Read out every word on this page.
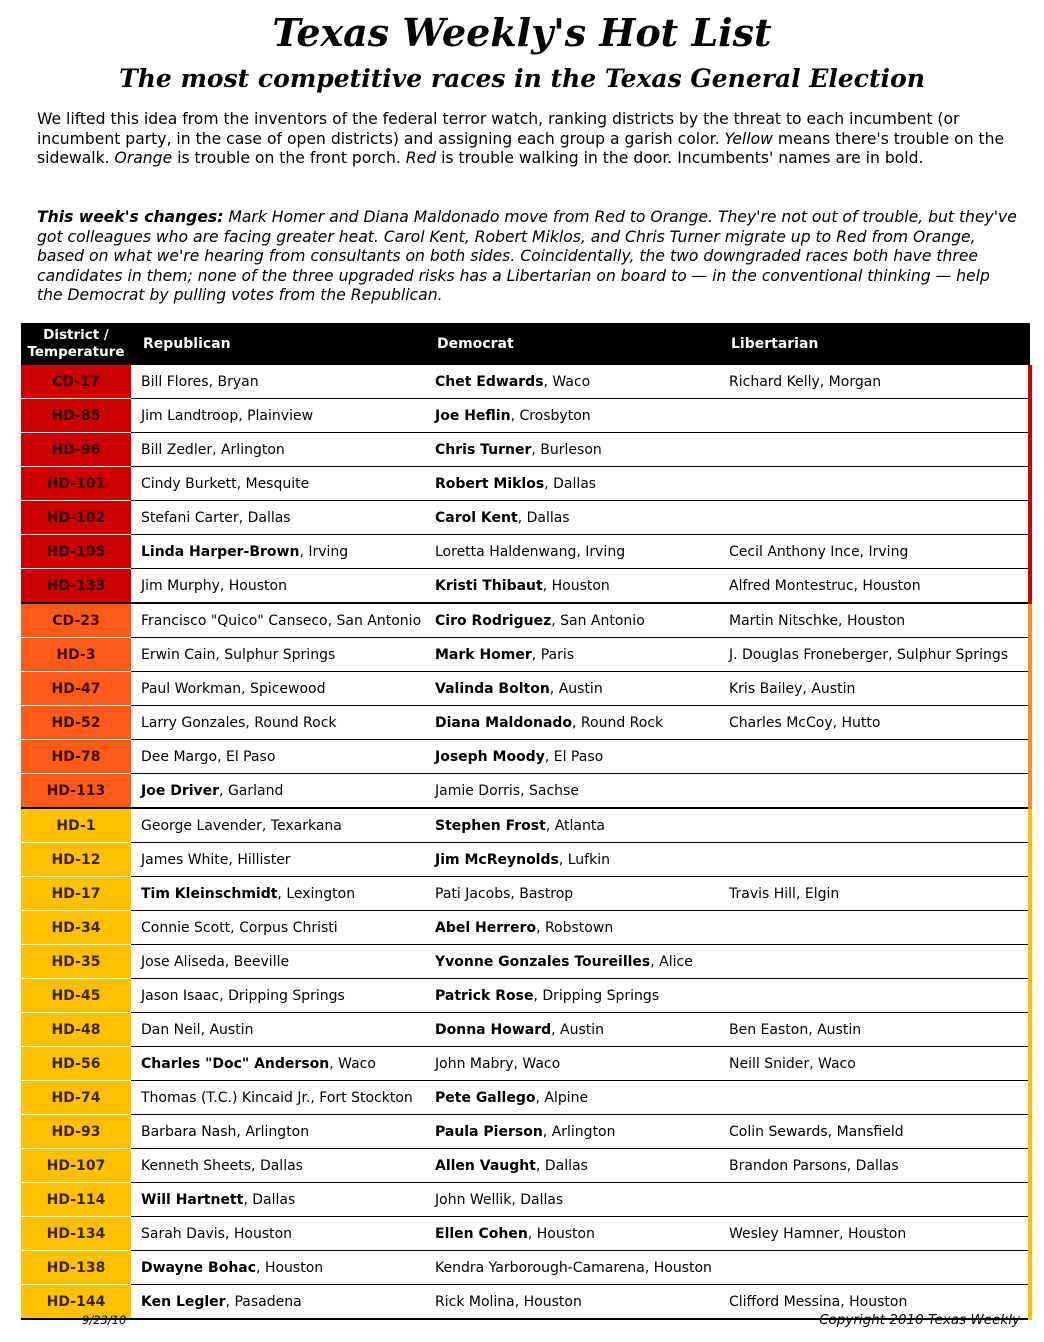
Texas Weekly's Hot List
The most competitive races in the Texas General Election
We lifted this idea from the inventors of the federal terror watch, ranking districts by the threat to each incumbent (or incumbent party, in the case of open districts) and assigning each group a garish color. Yellow means there's trouble on the sidewalk. Orange is trouble on the front porch. Red is trouble walking in the door. Incumbents' names are in bold.
This week's changes: Mark Homer and Diana Maldonado move from Red to Orange. They're not out of trouble, but they've got colleagues who are facing greater heat. Carol Kent, Robert Miklos, and Chris Turner migrate up to Red from Orange, based on what we're hearing from consultants on both sides. Coincidentally, the two downgraded races both have three candidates in them; none of the three upgraded risks has a Libertarian on board to — in the conventional thinking — help the Democrat by pulling votes from the Republican.
District /
Temperature	Republican	Democrat	Libertarian
CD-17	Bill Flores, Bryan	Chet Edwards, Waco	Richard Kelly, Morgan
HD-85	Jim Landtroop, Plainview	Joe Heflin, Crosbyton	
HD-96	Bill Zedler, Arlington	Chris Turner, Burleson	
HD-101	Cindy Burkett, Mesquite	Robert Miklos, Dallas	
HD-102	Stefani Carter, Dallas	Carol Kent, Dallas	
HD-105	Linda Harper-Brown, Irving	Loretta Haldenwang, Irving	Cecil Anthony Ince, Irving
HD-133	Jim Murphy, Houston	Kristi Thibaut, Houston	Alfred Montestruc, Houston
CD-23	Francisco "Quico" Canseco, San Antonio	Ciro Rodriguez, San Antonio	Martin Nitschke, Houston
HD-3	Erwin Cain, Sulphur Springs	Mark Homer, Paris	J. Douglas Froneberger, Sulphur Springs
HD-47	Paul Workman, Spicewood	Valinda Bolton, Austin	Kris Bailey, Austin
HD-52	Larry Gonzales, Round Rock	Diana Maldonado, Round Rock	Charles McCoy, Hutto
HD-78	Dee Margo, El Paso	Joseph Moody, El Paso	
HD-113	Joe Driver, Garland	Jamie Dorris, Sachse	
HD-1	George Lavender, Texarkana	Stephen Frost, Atlanta	
HD-12	James White, Hillister	Jim McReynolds, Lufkin	
HD-17	Tim Kleinschmidt, Lexington	Pati Jacobs, Bastrop	Travis Hill, Elgin
HD-34	Connie Scott, Corpus Christi	Abel Herrero, Robstown	
HD-35	Jose Aliseda, Beeville	Yvonne Gonzales Toureilles, Alice	
HD-45	Jason Isaac, Dripping Springs	Patrick Rose, Dripping Springs	
HD-48	Dan Neil, Austin	Donna Howard, Austin	Ben Easton, Austin
HD-56	Charles "Doc" Anderson, Waco	John Mabry, Waco	Neill Snider, Waco
HD-74	Thomas (T.C.) Kincaid Jr., Fort Stockton	Pete Gallego, Alpine	
HD-93	Barbara Nash, Arlington	Paula Pierson, Arlington	Colin Sewards, Mansfield
HD-107	Kenneth Sheets, Dallas	Allen Vaught, Dallas	Brandon Parsons, Dallas
HD-114	Will Hartnett, Dallas	John Wellik, Dallas	
HD-134	Sarah Davis, Houston	Ellen Cohen, Houston	Wesley Hamner, Houston
HD-138	Dwayne Bohac, Houston	Kendra Yarborough-Camarena, Houston	
HD-144	Ken Legler, Pasadena	Rick Molina, Houston	Clifford Messina, Houston
9/23/10	Copyright 2010 Texas Weekly
